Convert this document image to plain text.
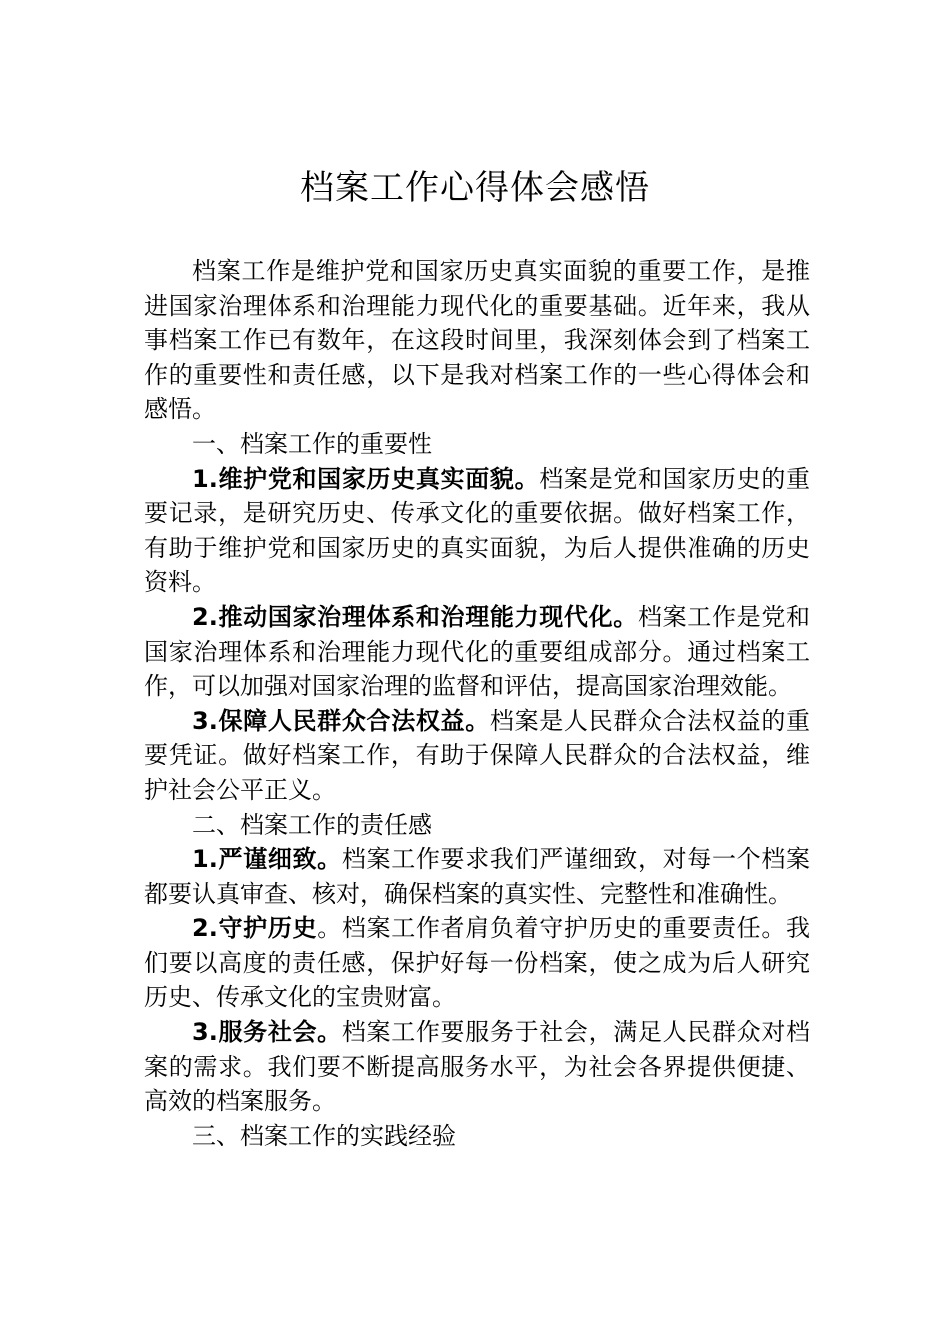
档案工作心得体会感悟

档案工作是维护党和国家历史真实面貌的重要工作，是推进国家治理体系和治理能力现代化的重要基础。近年来，我从事档案工作已有数年，在这段时间里，我深刻体会到了档案工作的重要性和责任感，以下是我对档案工作的一些心得体会和感悟。

一、档案工作的重要性

1.维护党和国家历史真实面貌。档案是党和国家历史的重要记录，是研究历史、传承文化的重要依据。做好档案工作，有助于维护党和国家历史的真实面貌，为后人提供准确的历史资料。

2.推动国家治理体系和治理能力现代化。档案工作是党和国家治理体系和治理能力现代化的重要组成部分。通过档案工作，可以加强对国家治理的监督和评估，提高国家治理效能。

3.保障人民群众合法权益。档案是人民群众合法权益的重要凭证。做好档案工作，有助于保障人民群众的合法权益，维护社会公平正义。

二、档案工作的责任感

1.严谨细致。档案工作要求我们严谨细致，对每一个档案都要认真审查、核对，确保档案的真实性、完整性和准确性。

2.守护历史。档案工作者肩负着守护历史的重要责任。我们要以高度的责任感，保护好每一份档案，使之成为后人研究历史、传承文化的宝贵财富。

3.服务社会。档案工作要服务于社会，满足人民群众对档案的需求。我们要不断提高服务水平，为社会各界提供便捷、高效的档案服务。

三、档案工作的实践经验
